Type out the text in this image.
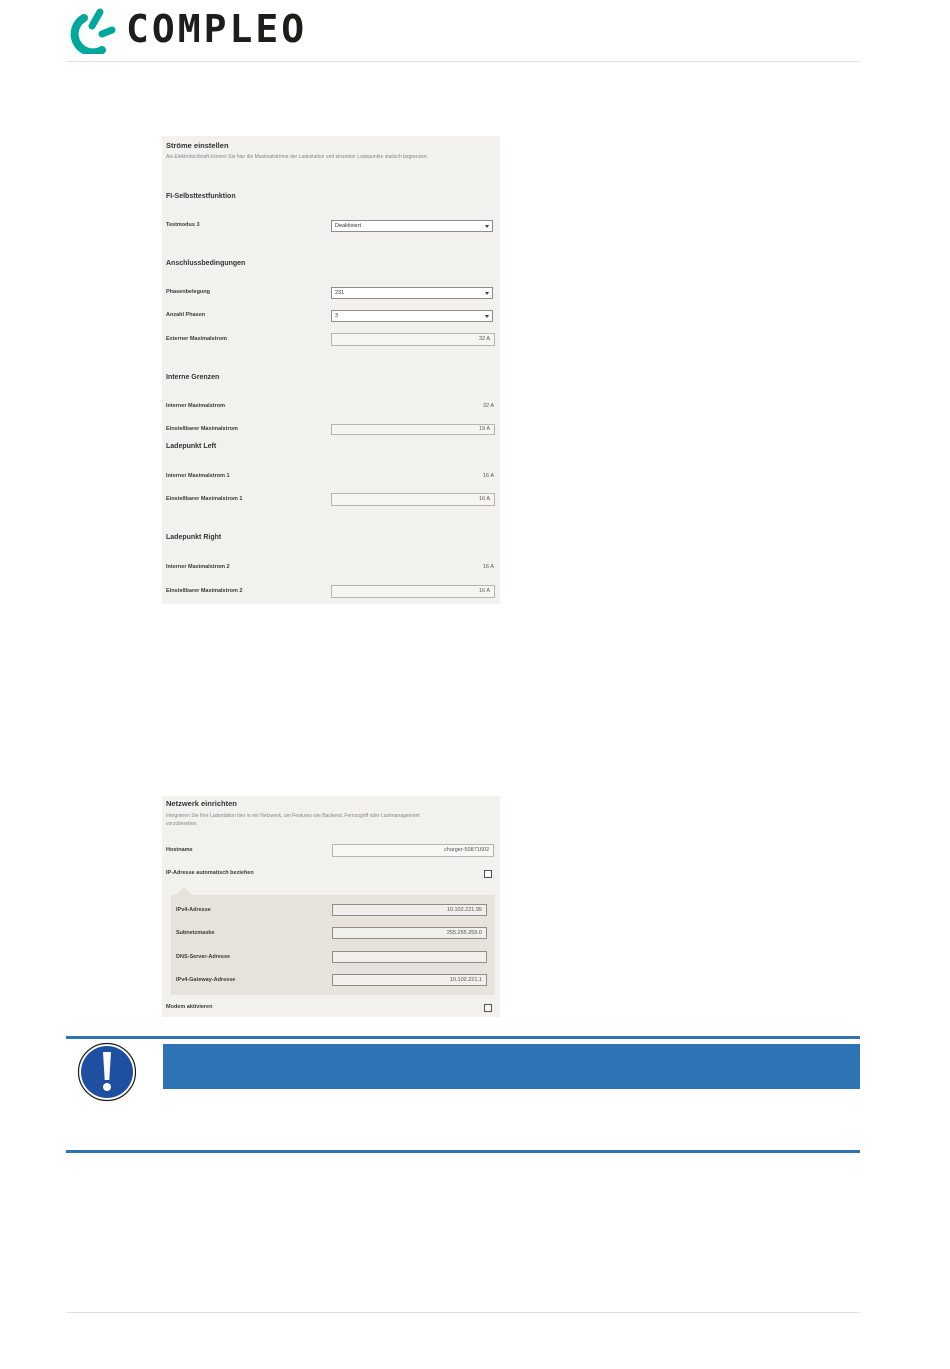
COMPLEO
Ströme einstellen
Als Elektrofachkraft können Sie hier die Maximalströme der Ladestation und einzelner Ladepunkte statisch begrenzen.
FI-Selbsttestfunktion
Testmodus 3	Deaktiviert
Anschlussbedingungen
Phasenbelegung	231
Anzahl Phasen	3
Externer Maximalstrom	32 A
Interne Grenzen
Interner Maximalstrom	32 A
Einstellbarer Maximalstrom	19 A
Ladepunkt Left
Interner Maximalstrom 1	16 A
Einstellbarer Maximalstrom 1	16 A
Ladepunkt Right
Interner Maximalstrom 2	16 A
Einstellbarer Maximalstrom 2	16 A
Netzwerk einrichten
Integrieren Sie Ihre Ladestation hier in ein Netzwerk, um Features wie Backend, Fernzugriff oder Lastmanagement
vorzubereiten.
Hostname	charger-50871602
IP-Adresse automatisch beziehen
IPv4-Adresse	10.102.221.95
Subnetzmaske	255.255.255.0
DNS-Server-Adresse
IPv4-Gateway-Adresse	10.102.221.1
Modem aktivieren
